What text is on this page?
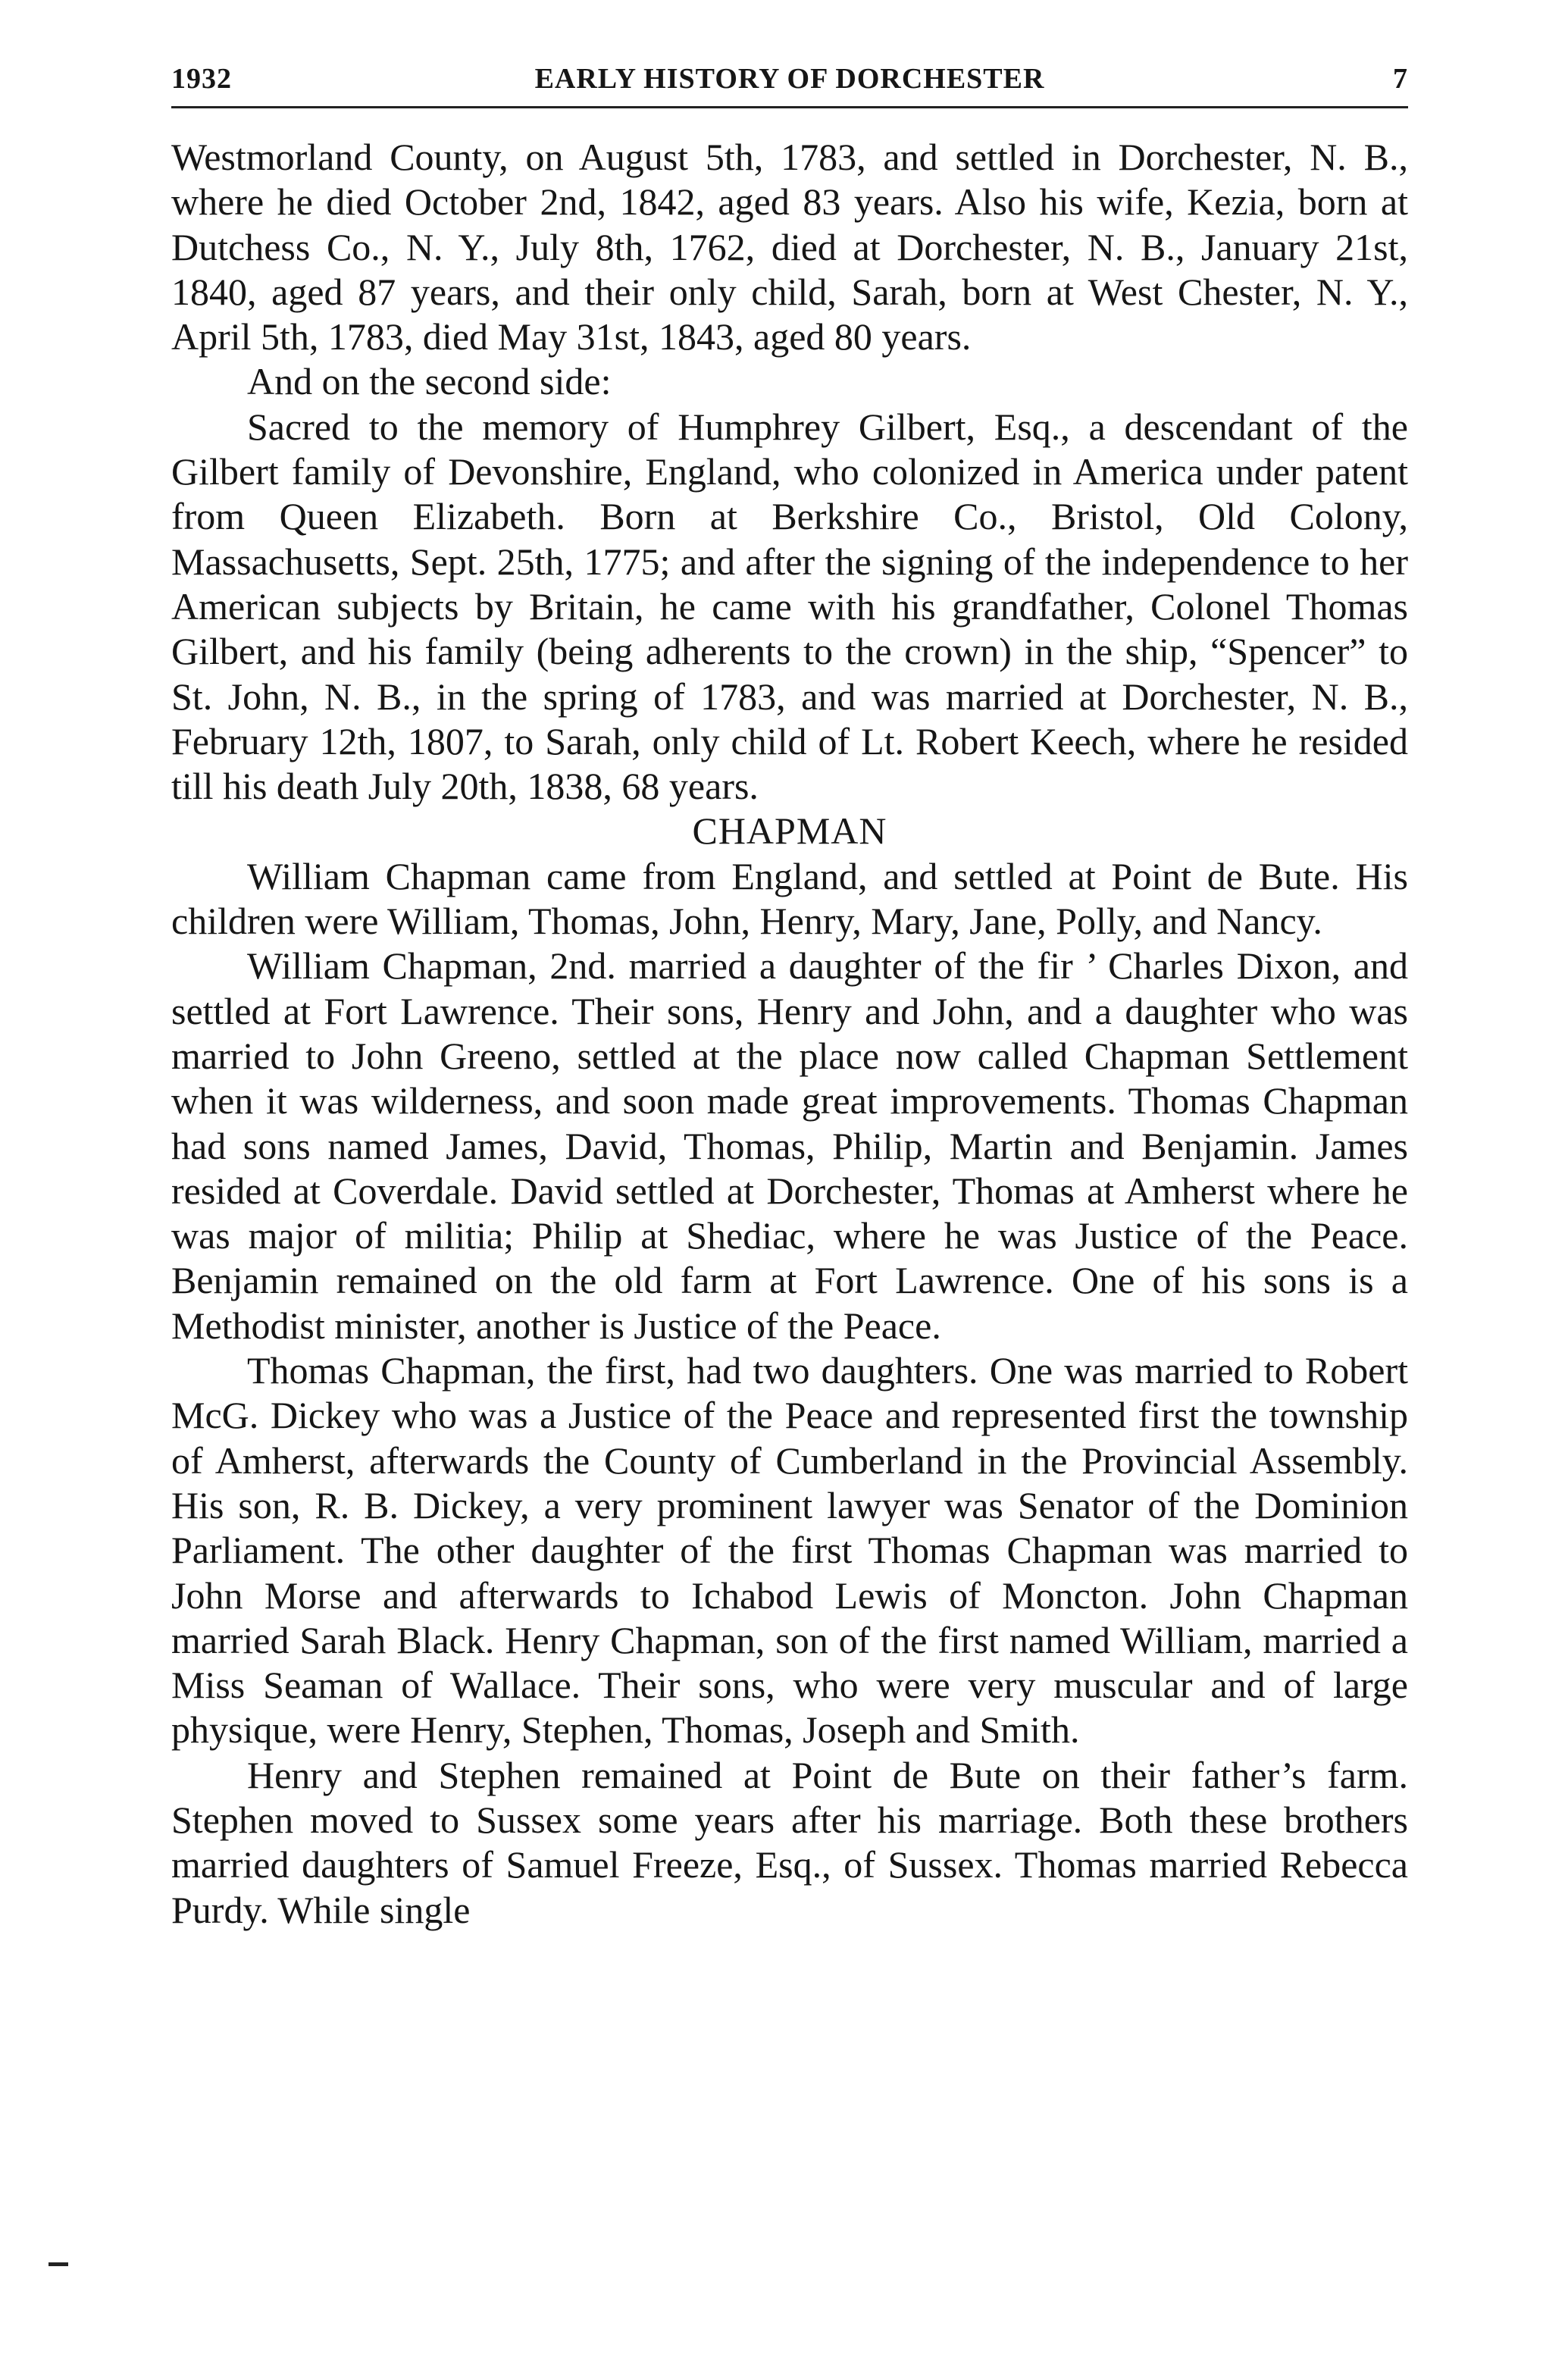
1932	EARLY HISTORY OF DORCHESTER	7

Westmorland County, on August 5th, 1783, and settled in Dorchester, N. B., where he died October 2nd, 1842, aged 83 years. Also his wife, Kezia, born at Dutchess Co., N. Y., July 8th, 1762, died at Dorchester, N. B., January 21st, 1840, aged 87 years, and their only child, Sarah, born at West Chester, N. Y., April 5th, 1783, died May 31st, 1843, aged 80 years.

And on the second side:

Sacred to the memory of Humphrey Gilbert, Esq., a descendant of the Gilbert family of Devonshire, England, who colonized in America under patent from Queen Elizabeth. Born at Berkshire Co., Bristol, Old Colony, Massachusetts, Sept. 25th, 1775; and after the signing of the independence to her American subjects by Britain, he came with his grandfather, Colonel Thomas Gilbert, and his family (being adherents to the crown) in the ship, “Spencer” to St. John, N. B., in the spring of 1783, and was married at Dorchester, N. B., February 12th, 1807, to Sarah, only child of Lt. Robert Keech, where he resided till his death July 20th, 1838, 68 years.

CHAPMAN

William Chapman came from England, and settled at Point de Bute. His children were William, Thomas, John, Henry, Mary, Jane, Polly, and Nancy.

William Chapman, 2nd. married a daughter of the fir ’ Charles Dixon, and settled at Fort Lawrence. Their sons, Henry and John, and a daughter who was married to John Greeno, settled at the place now called Chapman Settlement when it was wilderness, and soon made great improvements. Thomas Chapman had sons named James, David, Thomas, Philip, Martin and Benjamin. James resided at Coverdale. David settled at Dorchester, Thomas at Amherst where he was major of militia; Philip at Shediac, where he was Justice of the Peace. Benjamin remained on the old farm at Fort Lawrence. One of his sons is a Methodist minister, another is Justice of the Peace.

Thomas Chapman, the first, had two daughters. One was married to Robert McG. Dickey who was a Justice of the Peace and represented first the township of Amherst, afterwards the County of Cumberland in the Provincial Assembly. His son, R. B. Dickey, a very prominent lawyer was Senator of the Dominion Parliament. The other daughter of the first Thomas Chapman was married to John Morse and afterwards to Ichabod Lewis of Moncton. John Chapman married Sarah Black. Henry Chapman, son of the first named William, married a Miss Seaman of Wallace. Their sons, who were very muscular and of large physique, were Henry, Stephen, Thomas, Joseph and Smith.

Henry and Stephen remained at Point de Bute on their father’s farm. Stephen moved to Sussex some years after his marriage. Both these brothers married daughters of Samuel Freeze, Esq., of Sussex. Thomas married Rebecca Purdy. While single
